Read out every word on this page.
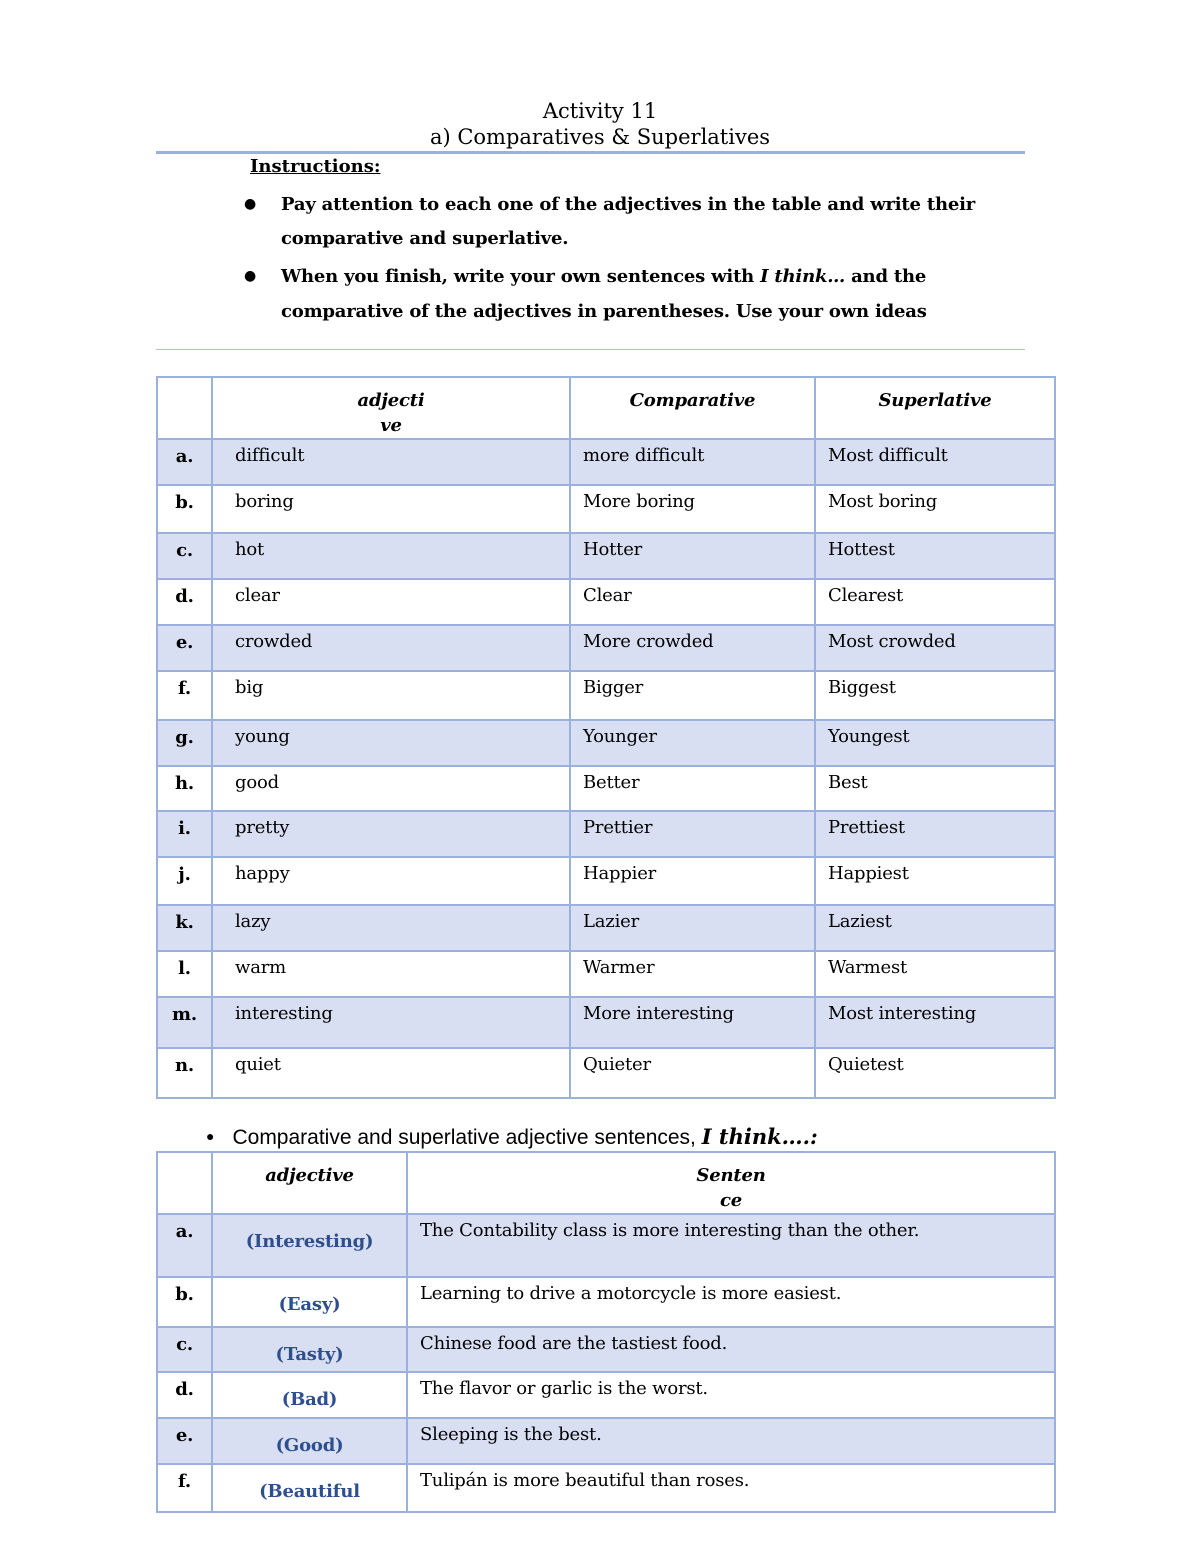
Activity 11
a) Comparatives & Superlatives
Instructions:
● Pay attention to each one of the adjectives in the table and write their
comparative and superlative.
● When you finish, write your own sentences with I think… and the
comparative of the adjectives in parentheses. Use your own ideas
	adjecti
ve	Comparative	Superlative
a.	difficult	more difficult	Most difficult
b.	boring	More boring	Most boring
c.	hot	Hotter	Hottest
d.	clear	Clear	Clearest
e.	crowded	More crowded	Most crowded
f.	big	Bigger	Biggest
g.	young	Younger	Youngest
h.	good	Better	Best
i.	pretty	Prettier	Prettiest
j.	happy	Happier	Happiest
k.	lazy	Lazier	Laziest
l.	warm	Warmer	Warmest
m.	interesting	More interesting	Most interesting
n.	quiet	Quieter	Quietest
● Comparative and superlative adjective sentences, I think….:
	adjective	Senten
ce
a.	(Interesting)	The Contability class is more interesting than the other.
b.	(Easy)	Learning to drive a motorcycle is more easiest.
c.	(Tasty)	Chinese food are the tastiest food.
d.	(Bad)	The flavor or garlic is the worst.
e.	(Good)	Sleeping is the best.
f.	(Beautiful	Tulipán is more beautiful than roses.
